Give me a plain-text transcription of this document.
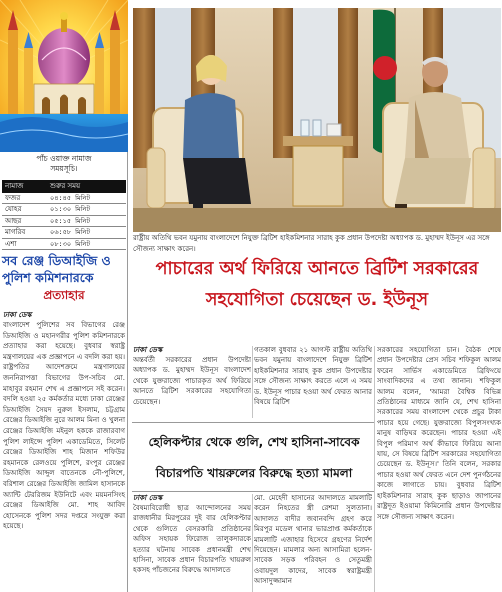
পাঁচ ওয়াক্ত নামাজ
সময়সূচি।
নামাজ	শুরুর সময়
ফজর	০৪:৪৫ মিনিট
যোহর	০১:৩০ মিনিট
আছর	০৫:১৫ মিনিট
মাগরিব	০৬:৫৮ মিনিট
এশা	০৮:৩০ মিনিট
সব রেঞ্জ ডিআইজি ও পুলিশ কমিশনারকে
প্রত্যাহার
ঢাকা ডেস্ক
বাংলাদেশ পুলিশের সব বিভাগের রেঞ্জ ডিআইজি ও মহানগরীর পুলিশ কমিশনারকে প্রত্যাহার করা হয়েছে। বুধবার স্বরাষ্ট্র মন্ত্রণালয়ের এক প্রজ্ঞাপনে এ বদলি করা হয়। রাষ্ট্রপতির আদেশক্রমে মন্ত্রণালয়ের জননিরাপত্তা বিভাগের উপ-সচিব মো. মাহাবুর রহমান শেখ এ প্রজ্ঞাপনে সই করেন। বদলি হওয়া ২৫ কর্মকর্তার মধ্যে ঢাকা রেঞ্জের ডিআইজি সৈয়দ নুরুল ইসলাম, চট্টগ্রাম রেঞ্জের ডিআইজি নুরে আলম মিনা ও খুলনা রেঞ্জের ডিআইজি মইনুল হককে রাজারবাগ পুলিশ লাইন্সে পুলিশ একাডেমিতে, সিলেট রেঞ্জের ডিআইজি শাহ মিজান শফিউর রহমানকে রেলওয়ে পুলিশে, রংপুর রেঞ্জের ডিআইজি আব্দুল বাতেনকে নৌ-পুলিশে, বরিশাল রেঞ্জের ডিআইজি জামিল হাসানকে অ্যান্টি টেররিজম ইউনিটে এবং ময়মনসিংহ রেঞ্জের ডিআইজি মো. শাহ আবিদ হোসেনকে পুলিশ সদর দপ্তরে সংযুক্ত করা হয়েছে।
রাষ্ট্রীয় অতিথি ভবন যমুনায় বাংলাদেশে নিযুক্ত ব্রিটিশ হাইকমিশনার সারাহ কুক প্রধান উপদেষ্টা অধ্যাপক ড. মুহাম্মদ ইউনূস এর সঙ্গে সৌজন্য সাক্ষাৎ করেন।
পাচারের অর্থ ফিরিয়ে আনতে ব্রিটিশ সরকারের
সহযোগিতা চেয়েছেন ড. ইউনূস
ঢাকা ডেস্ক
অন্তর্বর্তী সরকারের প্রধান উপদেষ্টা অধ্যাপক ড. মুহাম্মদ ইউনূস বাংলাদেশ থেকে যুক্তরাজ্যে পাচারকৃত অর্থ ফিরিয়ে আনতে ব্রিটিশ সরকারের সহযোগিতা চেয়েছেন।
গতকাল বুধবার ২১ আগস্ট রাষ্ট্রীয় অতিথি ভবন যমুনায় বাংলাদেশে নিযুক্ত ব্রিটিশ হাইকমিশনার সারাহ কুক প্রধান উপদেষ্টার সঙ্গে সৌজন্য সাক্ষাৎ করতে এলে এ সময় ড. ইউনূস পাচার হওয়া অর্থ ফেরত আনার বিষয়ে ব্রিটিশ
সরকারের সহযোগিতা চান। বৈঠক শেষে প্রধান উপদেষ্টার প্রেস সচিব শফিকুল আলম ফরেন সার্ভিস একাডেমিতে ব্রিফিংয়ে সাংবাদিকদের এ তথ্য জানান। শফিকুল আলম বলেন, 'আমরা বৈশ্বিক বিভিন্ন প্রতিষ্ঠানের মাধ্যমে জানি যে, শেখ হাসিনা সরকারের সময় বাংলাদেশ থেকে প্রচুর টাকা পাচার হয়ে গেছে। যুক্তরাজ্যে বিপুলসংখ্যক মানুষ বাড়িঘর করেছেন। পাচার হওয়া এই বিপুল পরিমাণ অর্থ কীভাবে ফিরিয়ে আনা যায়, সে বিষয়ে ব্রিটিশ সরকারের সহযোগিতা চেয়েছেন ড. ইউনূস।' তিনি বলেন, সরকার পাচার হওয়া অর্থ ফেরত এনে দেশ পুনর্গঠনের কাজে লাগাতে চায়। বুধবার ব্রিটিশ হাইকমিশনার সারাহ কুক ছাড়াও জাপানের রাষ্ট্রদূত ইওয়ামা কিমিনোরি প্রধান উপদেষ্টার সঙ্গে সৌজন্য সাক্ষাৎ করেন।
হেলিকপ্টার থেকে গুলি, শেখ হাসিনা-সাবেক
বিচারপতি খায়রুলের বিরুদ্ধে হত্যা মামলা
ঢাকা ডেস্ক
বৈষম্যবিরোধী ছাত্র আন্দোলনের সময় রাজধানীর মিরপুরের দুই বার হেলিকপ্টার থেকে গুলিতে বেসরকারি প্রতিষ্ঠানের অফিস সহায়ক ফিরোজ তালুকদারকে হত্যার ঘটনায় সাবেক প্রধানমন্ত্রী শেখ হাসিনা, সাবেক প্রধান বিচারপতি খায়রুল হকসহ পাঁচজনের বিরুদ্ধে আদালতে
মো. মেহেদী হাসানের আদালতে মামলাটি করেন নিহতের স্ত্রী রেশমা সুলতানা। আদালত বাদীর জবানবন্দি গ্রহণ করে মিরপুর মডেল থানার ভারপ্রাপ্ত কর্মকর্তাকে মামলাটি এজাহার হিসেবে গ্রহণের নির্দেশ দিয়েছেন। মামলার অন্য আসামিরা হলেন-সাবেক সড়ক পরিবহন ও সেতুমন্ত্রী ওবায়দুল কাদের, সাবেক স্বরাষ্ট্রমন্ত্রী আসাদুজ্জামান
